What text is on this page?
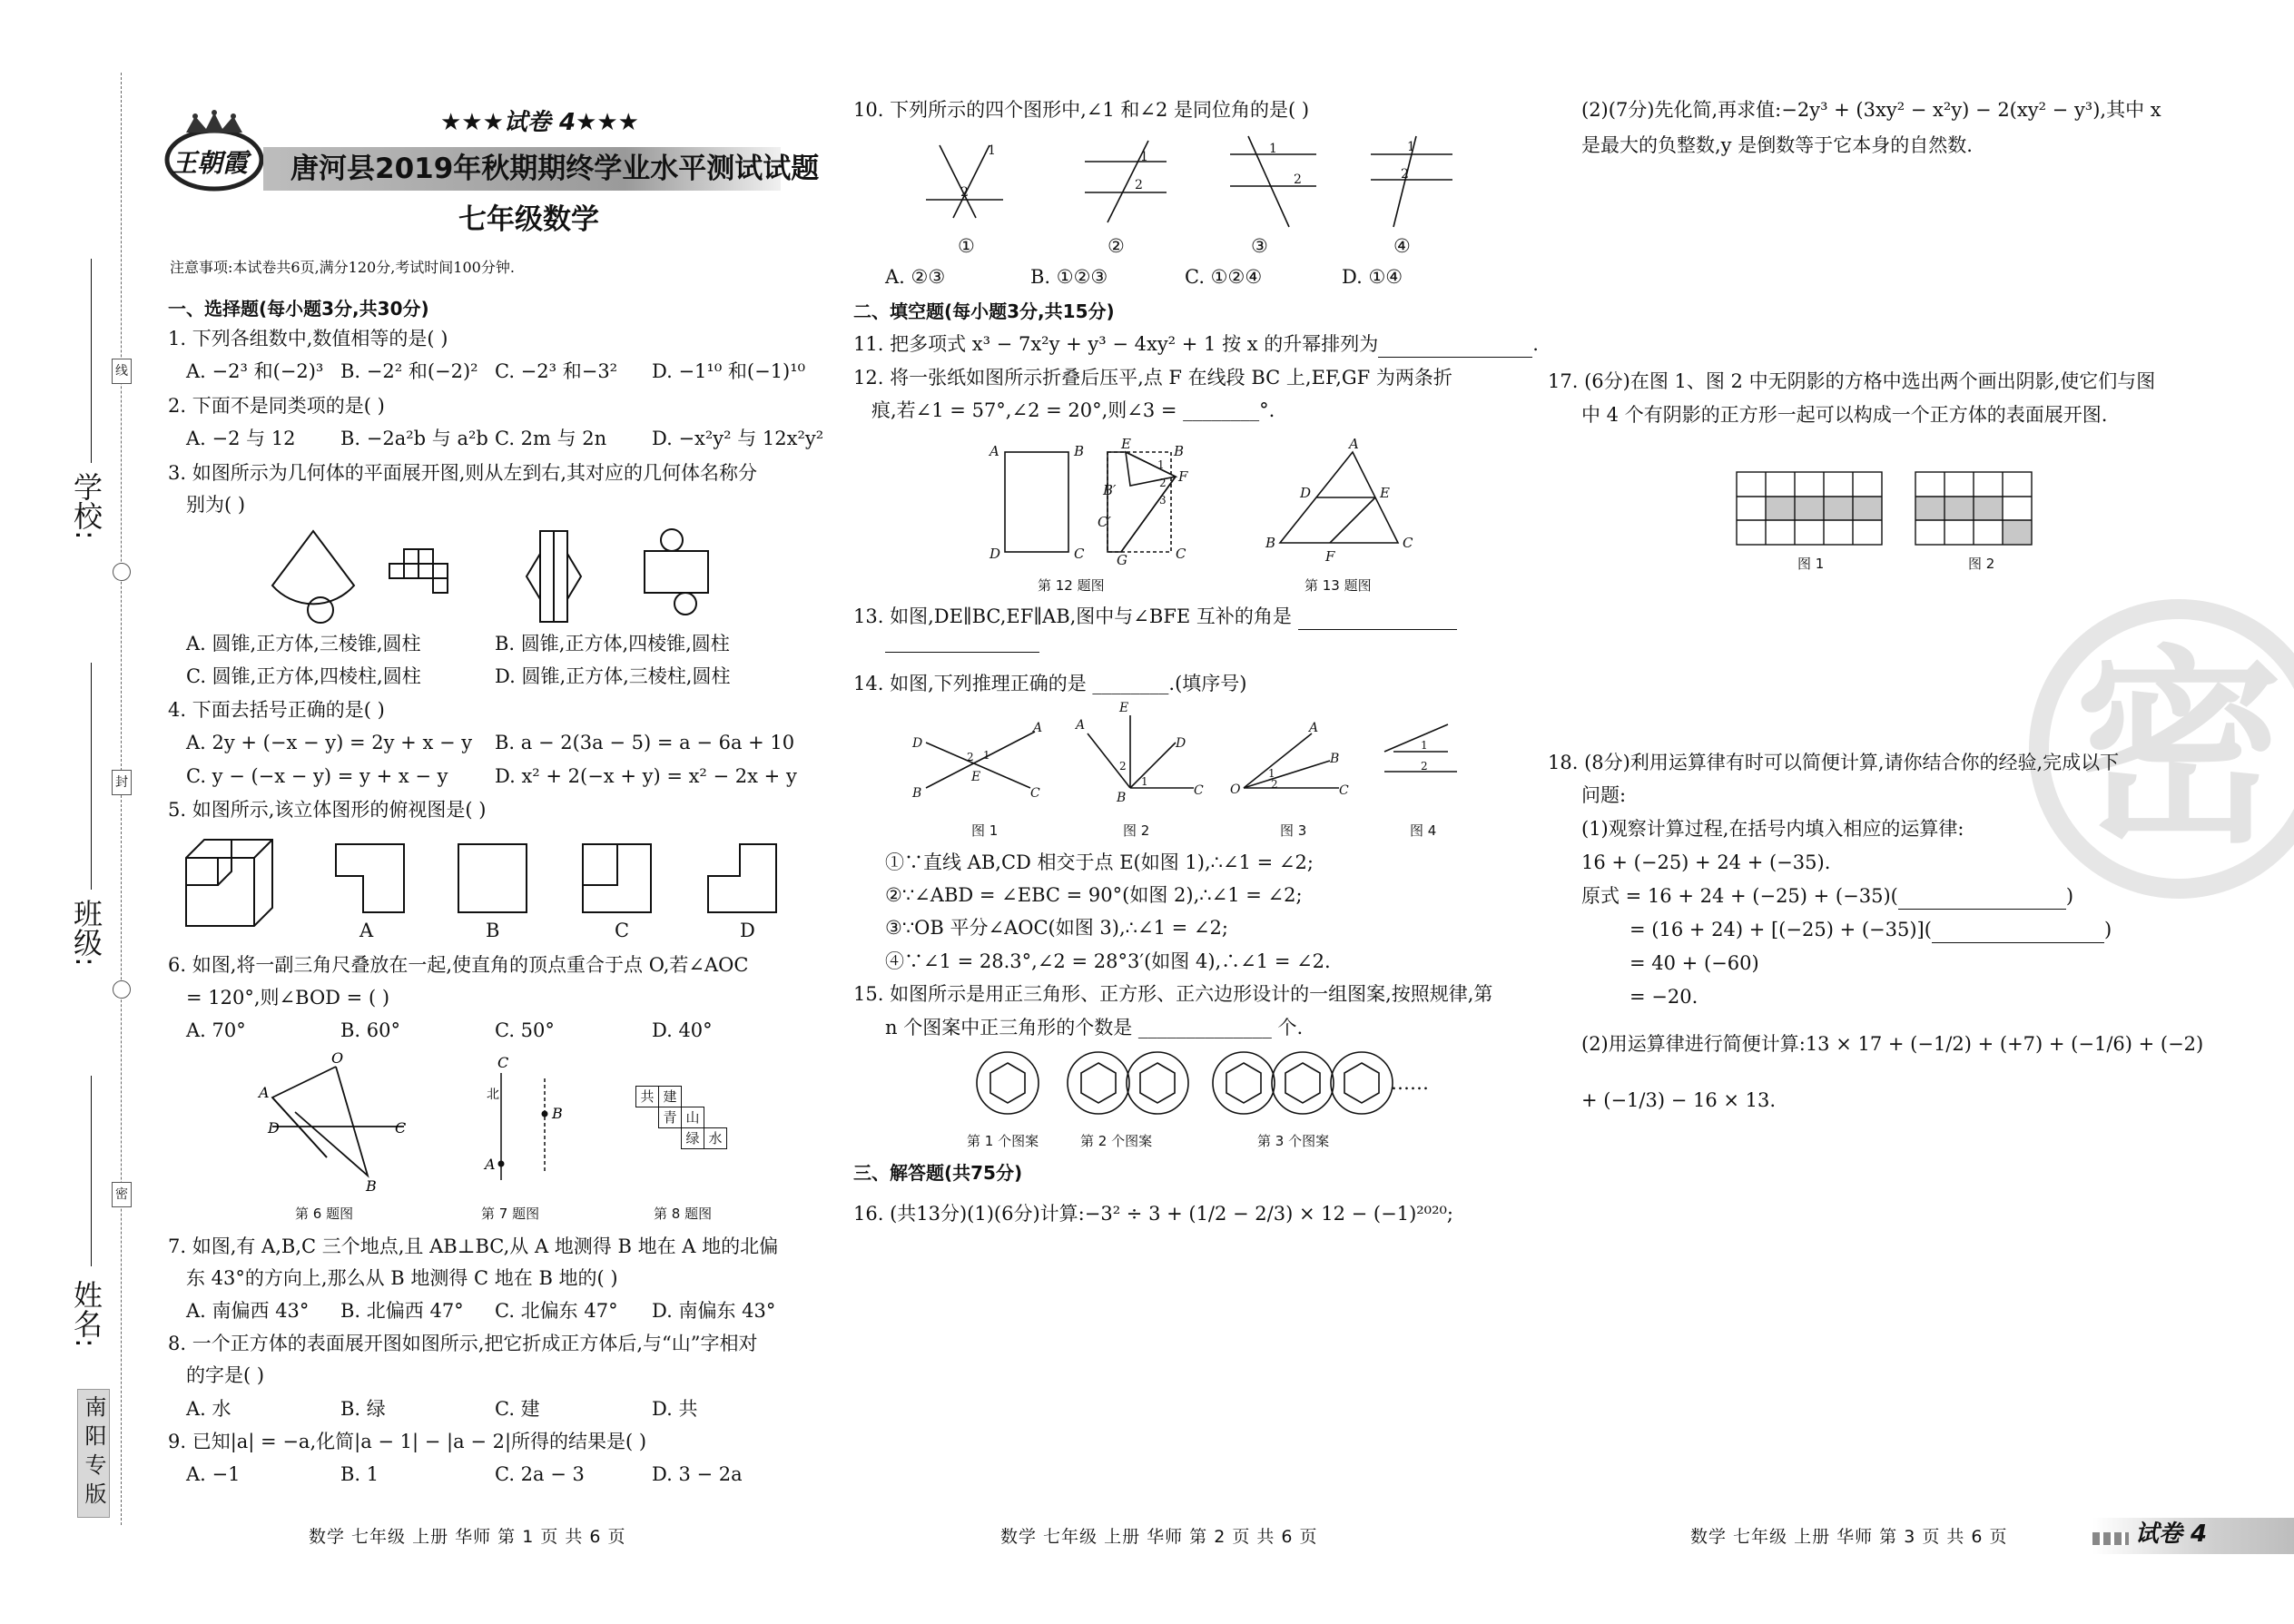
学校:
班级:
姓名:
线
封
密
南阳专版
密
王朝霞
★★★试卷 4★★★
唐河县2019年秋期期终学业水平测试试题
七年级数学
注意事项:本试卷共6页,满分120分,考试时间100分钟.
一、选择题(每小题3分,共30分)
1. 下列各组数中,数值相等的是( )
A. −2³ 和(−2)³ B. −2² 和(−2)² C. −2³ 和−3² D. −1¹⁰ 和(−1)¹⁰
2. 下面不是同类项的是( )
A. −2 与 12 B. −2a²b 与 a²b C. 2m 与 2n D. −x²y² 与 12x²y²
3. 如图所示为几何体的平面展开图,则从左到右,其对应的几何体名称分
别为( )
A. 圆锥,正方体,三棱锥,圆柱	B. 圆锥,正方体,四棱锥,圆柱
C. 圆锥,正方体,四棱柱,圆柱	D. 圆锥,正方体,三棱柱,圆柱
4. 下面去括号正确的是( )
A. 2y + (−x − y) = 2y + x − y B. a − 2(3a − 5) = a − 6a + 10
C. y − (−x − y) = y + x − y D. x² + 2(−x + y) = x² − 2x + y
5. 如图所示,该立体图形的俯视图是( )
A	B	C	D
6. 如图,将一副三角尺叠放在一起,使直角的顶点重合于点 O,若∠AOC
= 120°,则∠BOD = ( )
A. 70°	B. 60°	C. 50°	D. 40°
O
A
D	C
B
C
北
B
A
共 建
青 山
绿 水
第 6 题图	第 7 题图	第 8 题图
7. 如图,有 A,B,C 三个地点,且 AB⊥BC,从 A 地测得 B 地在 A 地的北偏
东 43°的方向上,那么从 B 地测得 C 地在 B 地的( )
A. 南偏西 43° B. 北偏西 47° C. 北偏东 47° D. 南偏东 43°
8. 一个正方体的表面展开图如图所示,把它折成正方体后,与“山”字相对
的字是( )
A. 水	B. 绿	C. 建	D. 共
9. 已知|a| = −a,化简|a − 1| − |a − 2|所得的结果是( )
A. −1	B. 1	C. 2a − 3	D. 3 − 2a
数学 七年级 上册 华师 第 1 页 共 6 页
10. 下列所示的四个图形中,∠1 和∠2 是同位角的是( )
1
2
1
2
1
2
1
2
①	②	③	④
A. ②③	B. ①②③	C. ①②④	D. ①④
二、填空题(每小题3分,共15分)
11. 把多项式 x³ − 7x²y + y³ − 4xy² + 1 按 x 的升幂排列为	.
12. 将一张纸如图所示折叠后压平,点 F 在线段 BC 上,EF,GF 为两条折
痕,若∠1 = 57°,∠2 = 20°,则∠3 = ________°.
A	B
D	C
E	B
B′
C′
G	C
F
1
2
3
A
D	E
B
F
C
第 12 题图	第 13 题图
13. 如图,DE∥BC,EF∥AB,图中与∠BFE 互补的角是
14. 如图,下列推理正确的是 ________.(填序号)
D
A
B	C
E
E
D
B	C
A	A
B
O	C
2 1
2
1
1
2
1
2
图 1	图 2	图 3	图 4
①∵直线 AB,CD 相交于点 E(如图 1),∴∠1 = ∠2;
②∵∠ABD = ∠EBC = 90°(如图 2),∴∠1 = ∠2;
③∵OB 平分∠AOC(如图 3),∴∠1 = ∠2;
④∵∠1 = 28.3°,∠2 = 28°3′(如图 4),∴∠1 = ∠2.
15. 如图所示是用正三角形、正方形、正六边形设计的一组图案,按照规律,第
n 个图案中正三角形的个数是 ______________ 个.
……
第 1 个图案	第 2 个图案	第 3 个图案
三、解答题(共75分)
16. (共13分)(1)(6分)计算:−3² ÷ 3 + (1/2 − 2/3) × 12 − (−1)²⁰²⁰;
数学 七年级 上册 华师 第 2 页 共 6 页
(2)(7分)先化简,再求值:−2y³ + (3xy² − x²y) − 2(xy² − y³),其中 x
是最大的负整数,y 是倒数等于它本身的自然数.
17. (6分)在图 1、图 2 中无阴影的方格中选出两个画出阴影,使它们与图
中 4 个有阴影的正方形一起可以构成一个正方体的表面展开图.
图 1	图 2
18. (8分)利用运算律有时可以简便计算,请你结合你的经验,完成以下
问题:
(1)观察计算过程,在括号内填入相应的运算律:
16 + (−25) + 24 + (−35).
原式 = 16 + 24 + (−25) + (−35)(	)
= (16 + 24) + [(−25) + (−35)](	)
= 40 + (−60)
= −20.
(2)用运算律进行简便计算:13 × 17 + (−1/2) + (+7) + (−1/6) + (−2)
+ (−1/3) − 16 × 13.
数学 七年级 上册 华师 第 3 页 共 6 页	试卷 4
